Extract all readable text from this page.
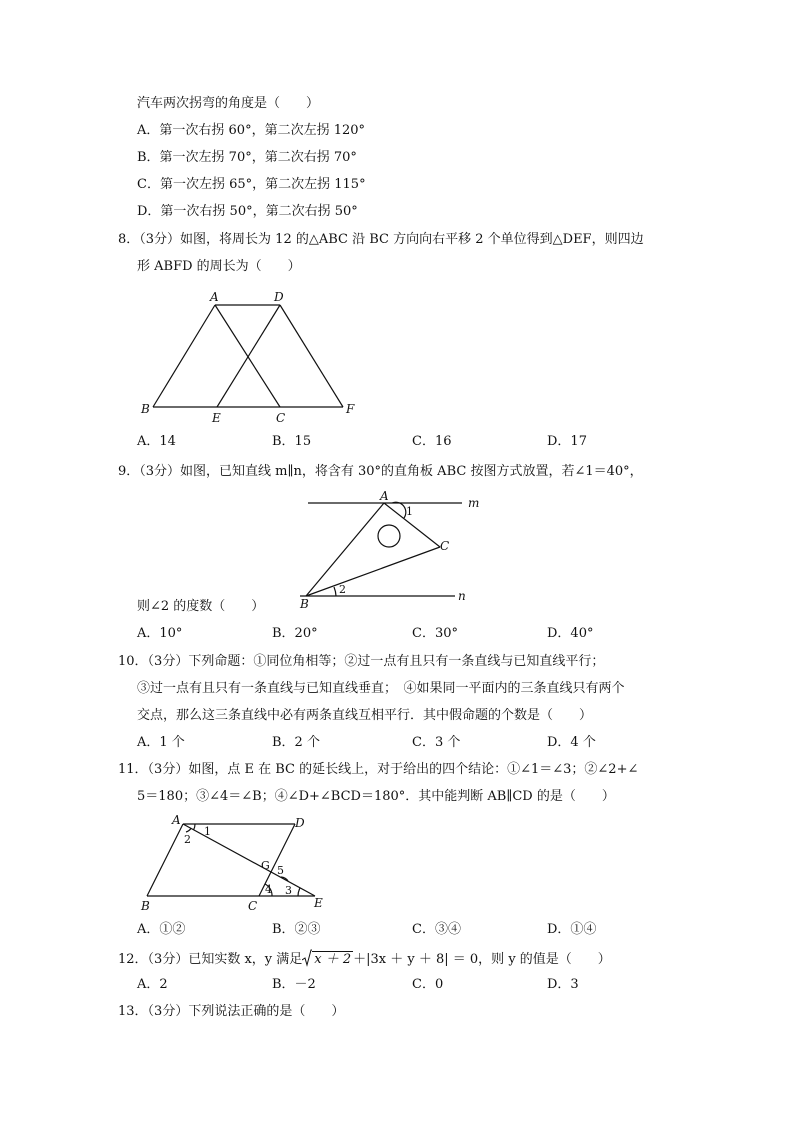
汽车两次拐弯的角度是（　　）
A．第一次右拐 60°，第二次左拐 120°
B．第一次左拐 70°，第二次右拐 70°
C．第一次左拐 65°，第二次左拐 115°
D．第一次右拐 50°，第二次右拐 50°
8．（3分）如图，将周长为 12 的△ABC 沿 BC 方向向右平移 2 个单位得到△DEF，则四边
形 ABFD 的周长为（　　）
A	D
B
E	C
F
A．14	B．15	C．16	D．17
9．（3分）如图，已知直线 m∥n，将含有 30°的直角板 ABC 按图方式放置，若∠1＝40°，
A	m
1
C
2
B
n
则∠2 的度数（　　）
A．10°	B．20°	C．30°	D．40°
10．（3分）下列命题：①同位角相等；②过一点有且只有一条直线与已知直线平行；
③过一点有且只有一条直线与已知直线垂直；　④如果同一平面内的三条直线只有两个
交点，那么这三条直线中必有两条直线互相平行．其中假命题的个数是（　　）
A．1 个	B．2 个	C．3 个	D．4 个
11．（3分）如图，点 E 在 BC 的延长线上，对于给出的四个结论：①∠1＝∠3；②∠2+∠
5＝180；③∠4＝∠B；④∠D+∠BCD＝180°．其中能判断 AB∥CD 的是（　　）
A	D
1
2
G 5
4 3
B	C	E
A．①②	B．②③	C．③④	D．①④
12．（3分）已知实数 x，y 满足 x ＋ 2 ＋|3x ＋ y ＋ 8| ＝ 0，则 y 的值是（　　）
A．2	B．－2	C．0	D．3
13．（3分）下列说法正确的是（　　）
